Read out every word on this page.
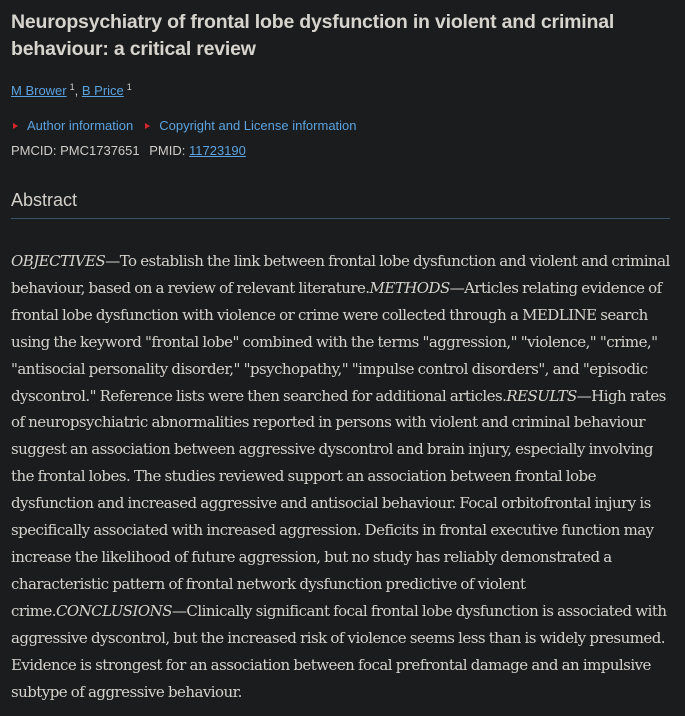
Neuropsychiatry of frontal lobe dysfunction in violent and criminal behaviour: a critical review
M Brower $^1$, B Price $^1$
Author information Copyright and License information
PMCID: PMC1737651 PMID: 11723190
Abstract

OBJECTIVES—To establish the link between frontal lobe dysfunction and violent and criminal behaviour, based on a review of relevant literature.METHODS—Articles relating evidence of frontal lobe dysfunction with violence or crime were collected through a MEDLINE search using the keyword "frontal lobe" combined with the terms "aggression," "violence," "crime," "antisocial personality disorder," "psychopathy," "impulse control disorders", and "episodic dyscontrol." Reference lists were then searched for additional articles.RESULTS—High rates of neuropsychiatric abnormalities reported in persons with violent and criminal behaviour suggest an association between aggressive dyscontrol and brain injury, especially involving the frontal lobes. The studies reviewed support an association between frontal lobe dysfunction and increased aggressive and antisocial behaviour. Focal orbitofrontal injury is specifically associated with increased aggression. Deficits in frontal executive function may increase the likelihood of future aggression, but no study has reliably demonstrated a characteristic pattern of frontal network dysfunction predictive of violent crime.CONCLUSIONS—Clinically significant focal frontal lobe dysfunction is associated with aggressive dyscontrol, but the increased risk of violence seems less than is widely presumed. Evidence is strongest for an association between focal prefrontal damage and an impulsive subtype of aggressive behaviour.
